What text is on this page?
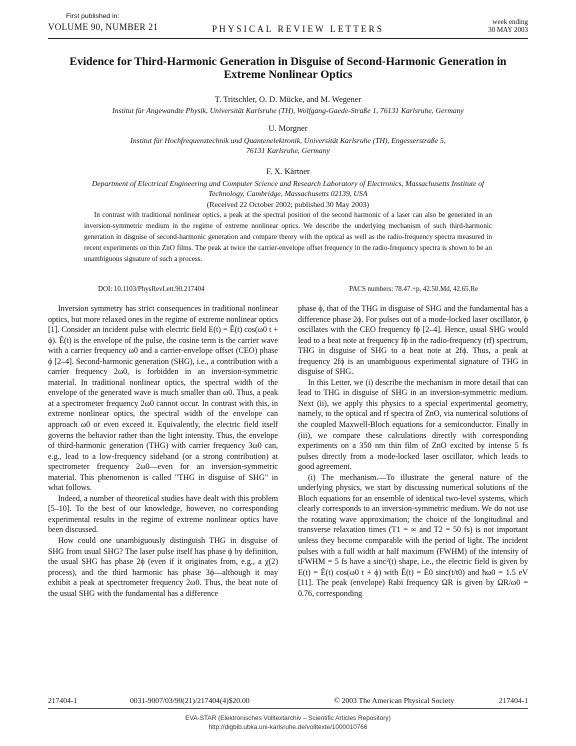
First published in:
VOLUME 90, NUMBER 21	PHYSICAL REVIEW LETTERS
week ending
30 MAY 2003
Evidence for Third-Harmonic Generation in Disguise of Second-Harmonic Generation in Extreme Nonlinear Optics
T. Tritschler, O. D. Mücke, and M. Wegener
Institut für Angewandte Physik, Universität Karlsruhe (TH), Wolfgang-Gaede-Straße 1, 76131 Karlsruhe, Germany
U. Morgner
Institut für Hochfrequenztechnik und Quantenelektronik, Universität Karlsruhe (TH), Engesserstraße 5, 76131 Karlsruhe, Germany
F. X. Kärtner
Department of Electrical Engineering and Computer Science and Research Laboratory of Electronics, Massachusetts Institute of Technology, Cambridge, Massachusetts 02139, USA
(Received 22 October 2002; published 30 May 2003)
In contrast with traditional nonlinear optics, a peak at the spectral position of the second harmonic of a laser can also be generated in an inversion-symmetric medium in the regime of extreme nonlinear optics. We describe the underlying mechanism of such third-harmonic generation in disguise of second-harmonic generation and compare theory with the optical as well as the radio-frequency spectra measured in recent experiments on thin ZnO films. The peak at twice the carrier-envelope offset frequency in the radio-frequency spectra is shown to be an unambiguous signature of such a process.
DOI: 10.1103/PhysRevLett.90.217404	PACS numbers: 78.47.+p, 42.50.Md, 42.65.Re

Inversion symmetry has strict consequences in traditional nonlinear optics, but more relaxed ones in the regime of extreme nonlinear optics [1]. Consider an incident pulse with electric field E(t) = Ẽ(t) cos(ω0 t + ϕ). Ẽ(t) is the envelope of the pulse, the cosine term is the carrier wave with a carrier frequency ω0 and a carrier-envelope offset (CEO) phase ϕ [2–4]. Second-harmonic generation (SHG), i.e., a contribution with a carrier frequency 2ω0, is forbidden in an inversion-symmetric material. In traditional nonlinear optics, the spectral width of the envelope of the generated wave is much smaller than ω0. Thus, a peak at a spectrometer frequency 2ω0 cannot occur. In contrast with this, in extreme nonlinear optics, the spectral width of the envelope can approach ω0 or even exceed it. Equivalently, the electric field itself governs the behavior rather than the light intensity. Thus, the envelope of third-harmonic generation (THG) with carrier frequency 3ω0 can, e.g., lead to a low-frequency sideband (or a strong contribution) at spectrometer frequency 2ω0—even for an inversion-symmetric material. This phenomenon is called "THG in disguise of SHG" in what follows.

Indeed, a number of theoretical studies have dealt with this problem [5–10]. To the best of our knowledge, however, no corresponding experimental results in the regime of extreme nonlinear optics have been discussed.

How could one unambiguously distinguish THG in disguise of SHG from usual SHG? The laser pulse itself has phase ϕ by definition, the usual SHG has phase 2ϕ (even if it originates from, e.g., a χ(2) process), and the third harmonic has phase 3ϕ—although it may exhibit a peak at spectrometer frequency 2ω0. Thus, the beat note of the usual SHG with the fundamental has a difference

phase ϕ, that of the THG in disguise of SHG and the fundamental has a difference phase 2ϕ. For pulses out of a mode-locked laser oscillator, ϕ oscillates with the CEO frequency fϕ [2–4]. Hence, usual SHG would lead to a beat note at frequency fϕ in the radio-frequency (rf) spectrum, THG in disguise of SHG to a beat note at 2fϕ. Thus, a peak at frequency 2fϕ is an unambiguous experimental signature of THG in disguise of SHG.

In this Letter, we (i) describe the mechanism in more detail that can lead to THG in disguise of SHG in an inversion-symmetric medium. Next (ii), we apply this physics to a special experimental geometry, namely, to the optical and rf spectra of ZnO, via numerical solutions of the coupled Maxwell-Bloch equations for a semiconductor. Finally in (iii), we compare these calculations directly with corresponding experiments on a 350 nm thin film of ZnO excited by intense 5 fs pulses directly from a mode-locked laser oscillator, which leads to good agreement.

(i) The mechanism.—To illustrate the general nature of the underlying physics, we start by discussing numerical solutions of the Bloch equations for an ensemble of identical two-level systems, which clearly corresponds to an inversion-symmetric medium. We do not use the rotating wave approximation; the choice of the longitudinal and transverse relaxation times (T1 = ∞ and T2 = 50 fs) is not important unless they become comparable with the period of light. The incident pulses with a full width at half maximum (FWHM) of the intensity of tFWHM = 5 fs have a sinc²(t) shape, i.e., the electric field is given by E(t) = Ẽ(t) cos(ω0 t + ϕ) with Ẽ(t) = Ẽ0 sinc(t/t0) and ħω0 = 1.5 eV [11]. The peak (envelope) Rabi frequency ΩR is given by ΩR/ω0 = 0.76, corresponding

217404-1	0031-9007/03/90(21)/217404(4)$20.00	© 2003 The American Physical Society	217404-1
EVA-STAR (Elektronisches Volltextarchiv – Scientific Articles Repository)
http://digbib.ubka.uni-karlsruhe.de/volltexte/1000010766
